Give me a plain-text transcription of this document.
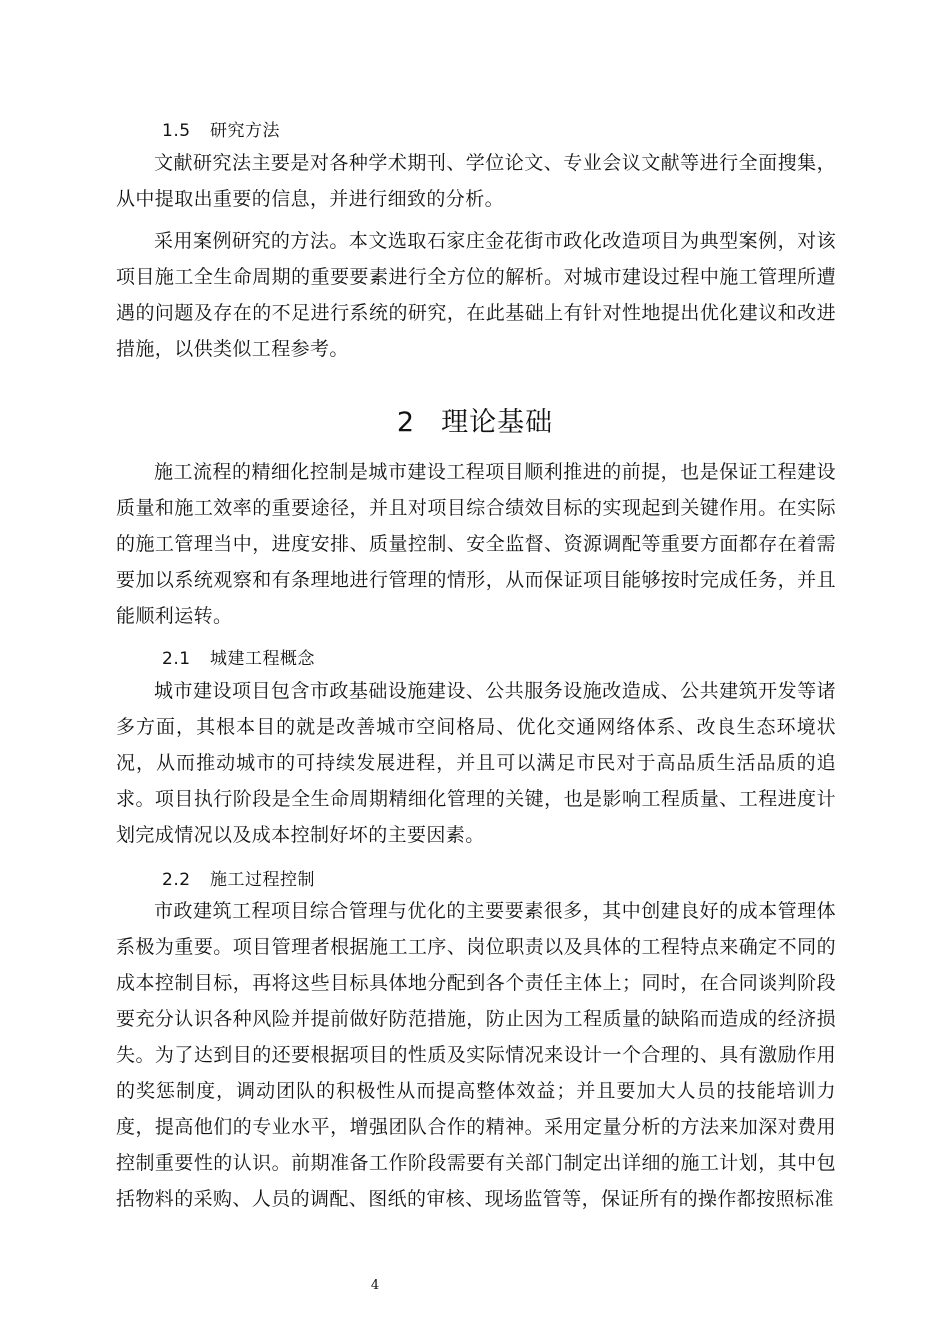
1.5 研究方法

文献研究法主要是对各种学术期刊、学位论文、专业会议文献等进行全面搜集，从中提取出重要的信息，并进行细致的分析。

采用案例研究的方法。本文选取石家庄金花街市政化改造项目为典型案例，对该项目施工全生命周期的重要要素进行全方位的解析。对城市建设过程中施工管理所遭遇的问题及存在的不足进行系统的研究，在此基础上有针对性地提出优化建议和改进措施，以供类似工程参考。

2 理论基础

施工流程的精细化控制是城市建设工程项目顺利推进的前提，也是保证工程建设质量和施工效率的重要途径，并且对项目综合绩效目标的实现起到关键作用。在实际的施工管理当中，进度安排、质量控制、安全监督、资源调配等重要方面都存在着需要加以系统观察和有条理地进行管理的情形，从而保证项目能够按时完成任务，并且能顺利运转。

2.1 城建工程概念

城市建设项目包含市政基础设施建设、公共服务设施改造成、公共建筑开发等诸多方面，其根本目的就是改善城市空间格局、优化交通网络体系、改良生态环境状况，从而推动城市的可持续发展进程，并且可以满足市民对于高品质生活品质的追求。项目执行阶段是全生命周期精细化管理的关键，也是影响工程质量、工程进度计划完成情况以及成本控制好坏的主要因素。

2.2 施工过程控制

市政建筑工程项目综合管理与优化的主要要素很多，其中创建良好的成本管理体系极为重要。项目管理者根据施工工序、岗位职责以及具体的工程特点来确定不同的成本控制目标，再将这些目标具体地分配到各个责任主体上；同时，在合同谈判阶段要充分认识各种风险并提前做好防范措施，防止因为工程质量的缺陷而造成的经济损失。为了达到目的还要根据项目的性质及实际情况来设计一个合理的、具有激励作用的奖惩制度，调动团队的积极性从而提高整体效益；并且要加大人员的技能培训力度，提高他们的专业水平，增强团队合作的精神。采用定量分析的方法来加深对费用控制重要性的认识。前期准备工作阶段需要有关部门制定出详细的施工计划，其中包括物料的采购、人员的调配、图纸的审核、现场监管等，保证所有的操作都按照标准

4
